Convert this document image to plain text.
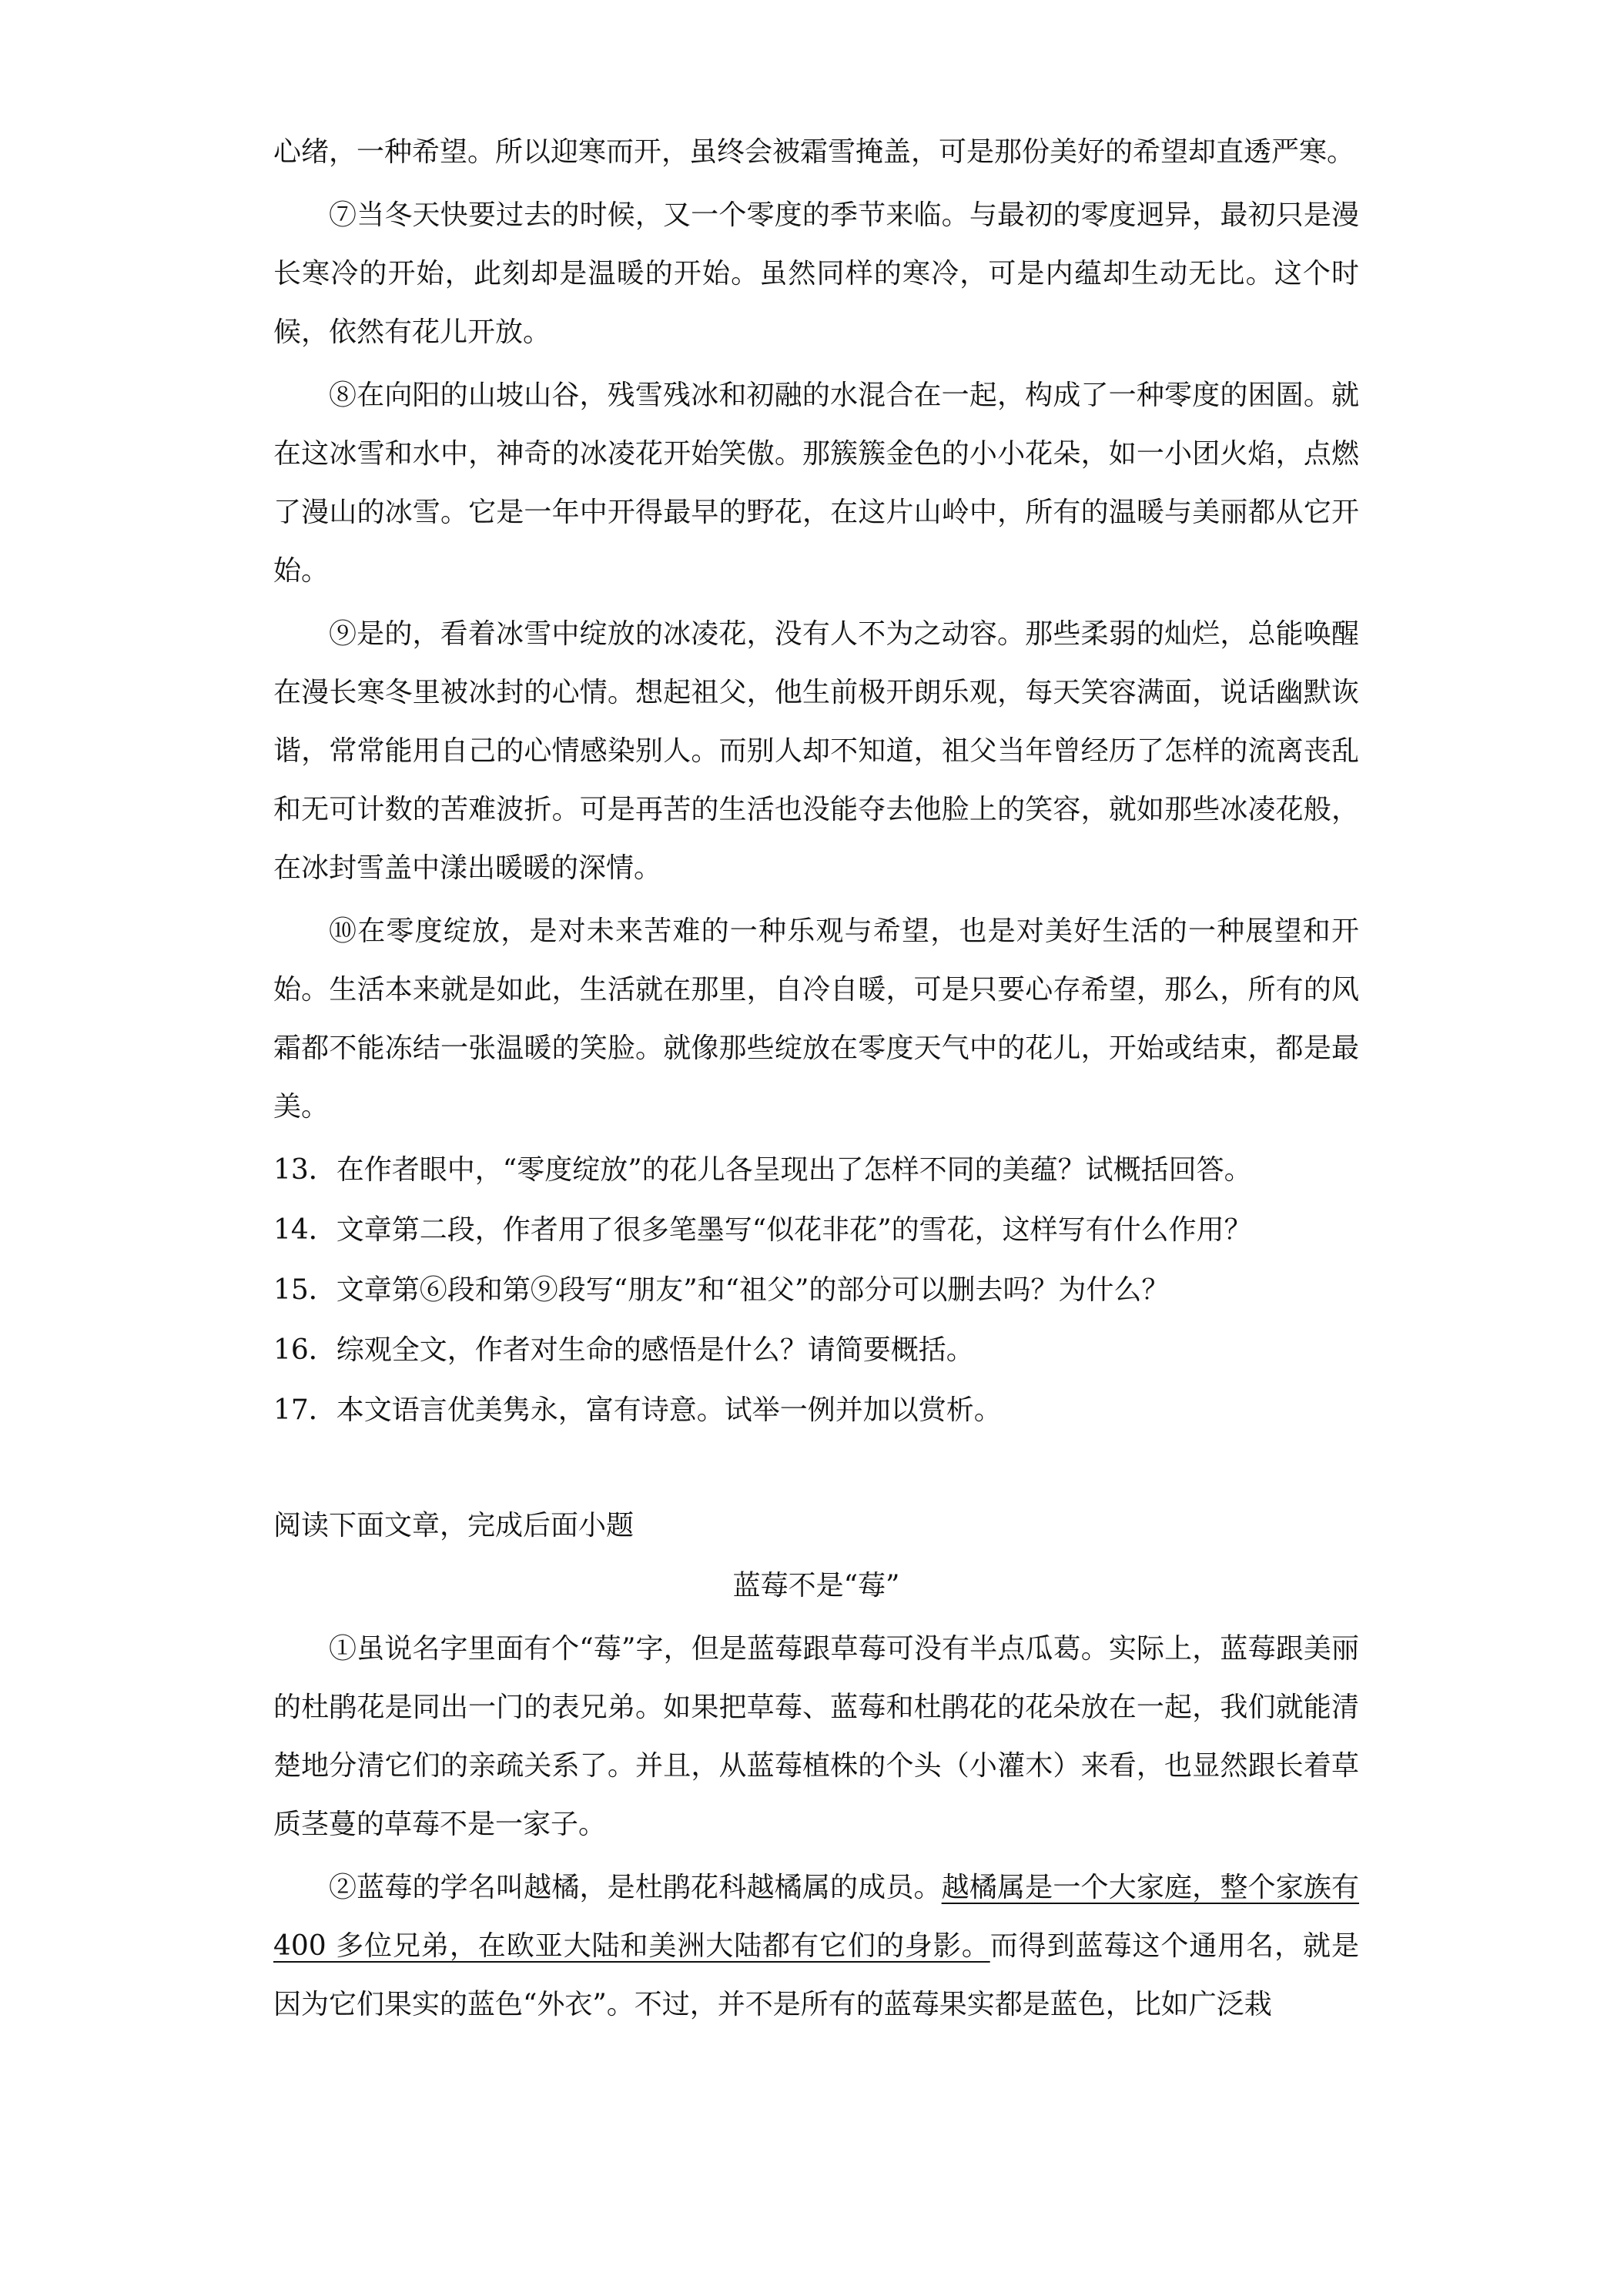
心绪，一种希望。所以迎寒而开，虽终会被霜雪掩盖，可是那份美好的希望却直透严寒。

⑦当冬天快要过去的时候，又一个零度的季节来临。与最初的零度迥异，最初只是漫长寒冷的开始，此刻却是温暖的开始。虽然同样的寒冷，可是内蕴却生动无比。这个时候，依然有花儿开放。

⑧在向阳的山坡山谷，残雪残冰和初融的水混合在一起，构成了一种零度的困圄。就在这冰雪和水中，神奇的冰凌花开始笑傲。那簇簇金色的小小花朵，如一小团火焰，点燃了漫山的冰雪。它是一年中开得最早的野花，在这片山岭中，所有的温暖与美丽都从它开始。

⑨是的，看着冰雪中绽放的冰凌花，没有人不为之动容。那些柔弱的灿烂，总能唤醒在漫长寒冬里被冰封的心情。想起祖父，他生前极开朗乐观，每天笑容满面，说话幽默诙谐，常常能用自己的心情感染别人。而别人却不知道，祖父当年曾经历了怎样的流离丧乱和无可计数的苦难波折。可是再苦的生活也没能夺去他脸上的笑容，就如那些冰凌花般，在冰封雪盖中漾出暖暖的深情。

⑩在零度绽放，是对未来苦难的一种乐观与希望，也是对美好生活的一种展望和开始。生活本来就是如此，生活就在那里，自冷自暖，可是只要心存希望，那么，所有的风霜都不能冻结一张温暖的笑脸。就像那些绽放在零度天气中的花儿，开始或结束，都是最美。

13．在作者眼中，“零度绽放”的花儿各呈现出了怎样不同的美蕴？试概括回答。

14．文章第二段，作者用了很多笔墨写“似花非花”的雪花，这样写有什么作用？

15．文章第⑥段和第⑨段写“朋友”和“祖父”的部分可以删去吗？为什么？

16．综观全文，作者对生命的感悟是什么？请简要概括。

17．本文语言优美隽永，富有诗意。试举一例并加以赏析。

阅读下面文章，完成后面小题

蓝莓不是“莓”

①虽说名字里面有个“莓”字，但是蓝莓跟草莓可没有半点瓜葛。实际上，蓝莓跟美丽的杜鹃花是同出一门的表兄弟。如果把草莓、蓝莓和杜鹃花的花朵放在一起，我们就能清楚地分清它们的亲疏关系了。并且，从蓝莓植株的个头（小灌木）来看，也显然跟长着草质茎蔓的草莓不是一家子。

②蓝莓的学名叫越橘，是杜鹃花科越橘属的成员。越橘属是一个大家庭，整个家族有 400 多位兄弟，在欧亚大陆和美洲大陆都有它们的身影。而得到蓝莓这个通用名，就是因为它们果实的蓝色“外衣”。不过，并不是所有的蓝莓果实都是蓝色，比如广泛栽
